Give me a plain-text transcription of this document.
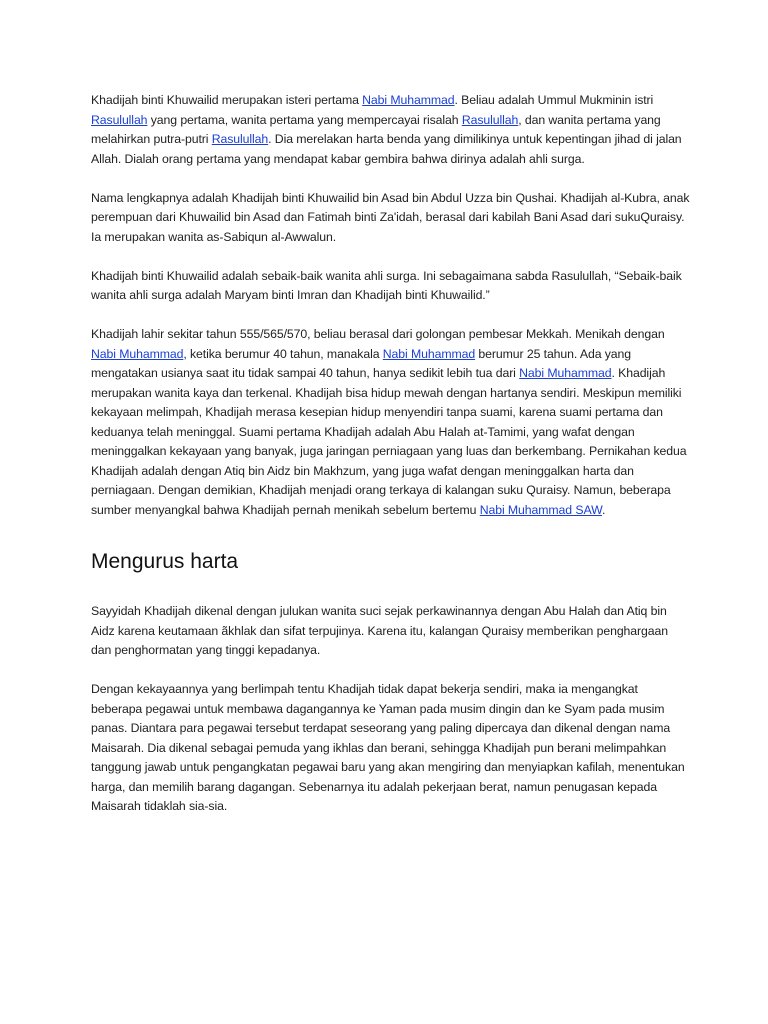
Khadijah binti Khuwailid merupakan isteri pertama Nabi Muhammad. Beliau adalah Ummul Mukminin istri Rasulullah yang pertama, wanita pertama yang mempercayai risalah Rasulullah, dan wanita pertama yang melahirkan putra-putri Rasulullah. Dia merelakan harta benda yang dimilikinya untuk kepentingan jihad di jalan Allah. Dialah orang pertama yang mendapat kabar gembira bahwa dirinya adalah ahli surga.

Nama lengkapnya adalah Khadijah binti Khuwailid bin Asad bin Abdul Uzza bin Qushai. Khadijah al-Kubra, anak perempuan dari Khuwailid bin Asad dan Fatimah binti Za'idah, berasal dari kabilah Bani Asad dari sukuQuraisy. Ia merupakan wanita as-Sabiqun al-Awwalun.

Khadijah binti Khuwailid adalah sebaik-baik wanita ahli surga. Ini sebagaimana sabda Rasulullah, “Sebaik-baik wanita ahli surga adalah Maryam binti Imran dan Khadijah binti Khuwailid.”

Khadijah lahir sekitar tahun 555/565/570, beliau berasal dari golongan pembesar Mekkah. Menikah dengan Nabi Muhammad, ketika berumur 40 tahun, manakala Nabi Muhammad berumur 25 tahun. Ada yang mengatakan usianya saat itu tidak sampai 40 tahun, hanya sedikit lebih tua dari Nabi Muhammad. Khadijah merupakan wanita kaya dan terkenal. Khadijah bisa hidup mewah dengan hartanya sendiri. Meskipun memiliki kekayaan melimpah, Khadijah merasa kesepian hidup menyendiri tanpa suami, karena suami pertama dan keduanya telah meninggal. Suami pertama Khadijah adalah Abu Halah at-Tamimi, yang wafat dengan meninggalkan kekayaan yang banyak, juga jaringan perniagaan yang luas dan berkembang. Pernikahan kedua Khadijah adalah dengan Atiq bin Aidz bin Makhzum, yang juga wafat dengan meninggalkan harta dan perniagaan. Dengan demikian, Khadijah menjadi orang terkaya di kalangan suku Quraisy. Namun, beberapa sumber menyangkal bahwa Khadijah pernah menikah sebelum bertemu Nabi Muhammad SAW.

Mengurus harta

Sayyidah Khadijah dikenal dengan julukan wanita suci sejak perkawinannya dengan Abu Halah dan Atiq bin Aidz karena keutamaan ãkhlak dan sifat terpujinya. Karena itu, kalangan Quraisy memberikan penghargaan dan penghormatan yang tinggi kepadanya.

Dengan kekayaannya yang berlimpah tentu Khadijah tidak dapat bekerja sendiri, maka ia mengangkat beberapa pegawai untuk membawa dagangannya ke Yaman pada musim dingin dan ke Syam pada musim panas. Diantara para pegawai tersebut terdapat seseorang yang paling dipercaya dan dikenal dengan nama Maisarah. Dia dikenal sebagai pemuda yang ikhlas dan berani, sehingga Khadijah pun berani melimpahkan tanggung jawab untuk pengangkatan pegawai baru yang akan mengiring dan menyiapkan kafilah, menentukan harga, dan memilih barang dagangan. Sebenarnya itu adalah pekerjaan berat, namun penugasan kepada Maisarah tidaklah sia-sia.
